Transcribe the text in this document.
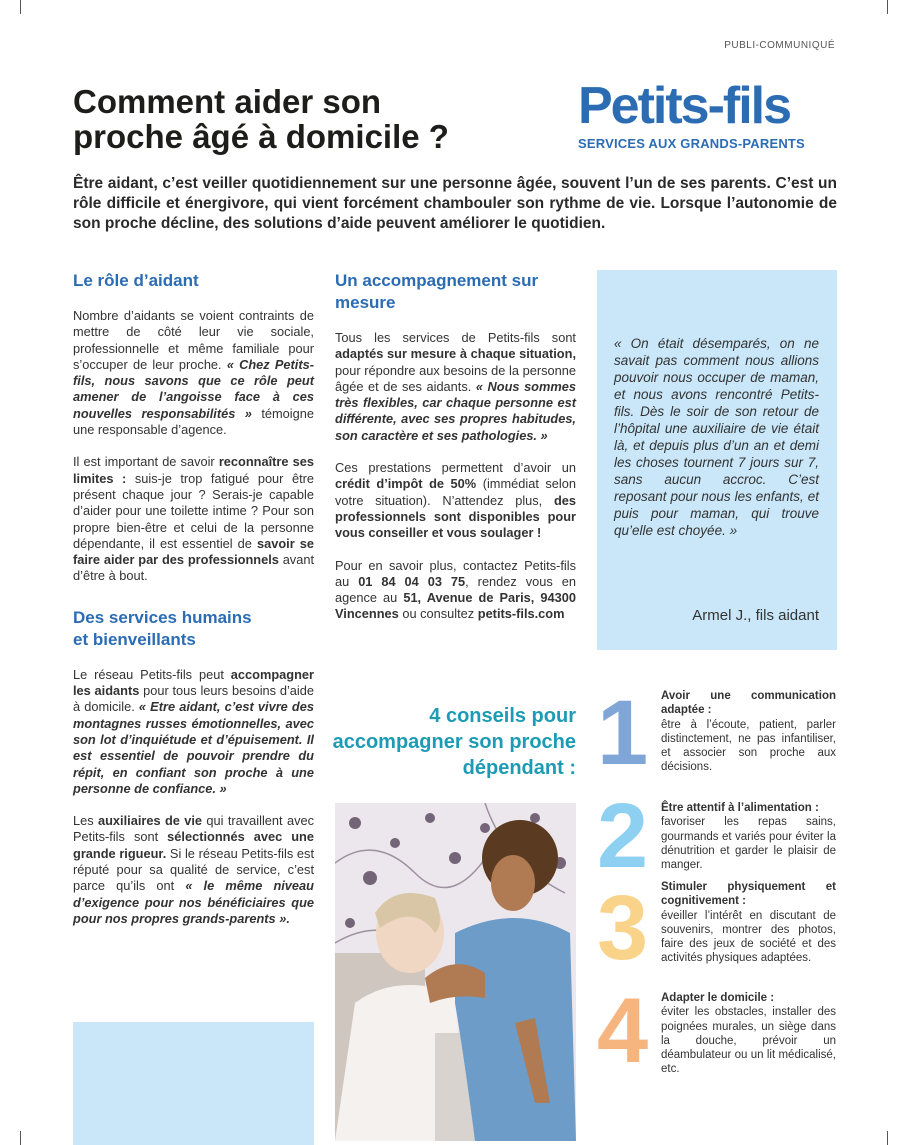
PUBLI-COMMUNIQUÉ
Comment aider son
proche âgé à domicile ?
Petits-fils
SERVICES AUX GRANDS-PARENTS
Être aidant, c’est veiller quotidiennement sur une personne âgée, souvent l’un de ses parents. C’est un rôle difficile et énergivore, qui vient forcément chambouler son rythme de vie. Lorsque l’autonomie de son proche décline, des solutions d’aide peuvent améliorer le quotidien.
Le rôle d’aidant
Nombre d’aidants se voient contraints de mettre de côté leur vie sociale, professionnelle et même familiale pour s’occuper de leur proche. « Chez Petits-fils, nous savons que ce rôle peut amener de l’angoisse face à ces nouvelles responsabilités » témoigne une responsable d’agence.
Il est important de savoir reconnaître ses limites : suis-je trop fatigué pour être présent chaque jour ? Serais-je capable d’aider pour une toilette intime ? Pour son propre bien-être et celui de la personne dépendante, il est essentiel de savoir se faire aider par des professionnels avant d’être à bout.
Des services humains
et bienveillants
Le réseau Petits-fils peut accompagner les aidants pour tous leurs besoins d’aide à domicile. « Etre aidant, c’est vivre des montagnes russes émotionnelles, avec son lot d’inquiétude et d’épuisement. Il est essentiel de pouvoir prendre du répit, en confiant son proche à une personne de confiance. »
Les auxiliaires de vie qui travaillent avec Petits-fils sont sélectionnés avec une grande rigueur. Si le réseau Petits-fils est réputé pour sa qualité de service, c’est parce qu’ils ont « le même niveau d’exigence pour nos bénéficiaires que pour nos propres grands-parents ».
Un accompagnement sur
mesure
Tous les services de Petits-fils sont adaptés sur mesure à chaque situation, pour répondre aux besoins de la personne âgée et de ses aidants. « Nous sommes très flexibles, car chaque personne est différente, avec ses propres habitudes, son caractère et ses pathologies. »
Ces prestations permettent d’avoir un crédit d’impôt de 50% (immédiat selon votre situation). N’attendez plus, des professionnels sont disponibles pour vous conseiller et vous soulager !
Pour en savoir plus, contactez Petits-fils au 01 84 04 03 75, rendez vous en agence au 51, Avenue de Paris, 94300 Vincennes ou consultez petits-fils.com
4 conseils pour accompagner son proche dépendant :
« On était désemparés, on ne savait pas comment nous allions pouvoir nous occuper de maman, et nous avons rencontré Petits-fils. Dès le soir de son retour de l’hôpital une auxiliaire de vie était là, et depuis plus d’un an et demi les choses tournent 7 jours sur 7, sans aucun accroc. C’est reposant pour nous les enfants, et puis pour maman, qui trouve qu’elle est choyée. »
Armel J., fils aidant
1 Avoir une communication adaptée :
être à l’écoute, patient, parler distinctement, ne pas infantiliser, et associer son proche aux décisions.
2 Être attentif à l’alimentation :
favoriser les repas sains, gourmands et variés pour éviter la dénutrition et garder le plaisir de manger.
3 Stimuler physiquement et cognitivement :
éveiller l’intérêt en discutant de souvenirs, montrer des photos, faire des jeux de société et des activités physiques adaptées.
4 Adapter le domicile :
éviter les obstacles, installer des poignées murales, un siège dans la douche, prévoir un déambulateur ou un lit médicalisé, etc.
